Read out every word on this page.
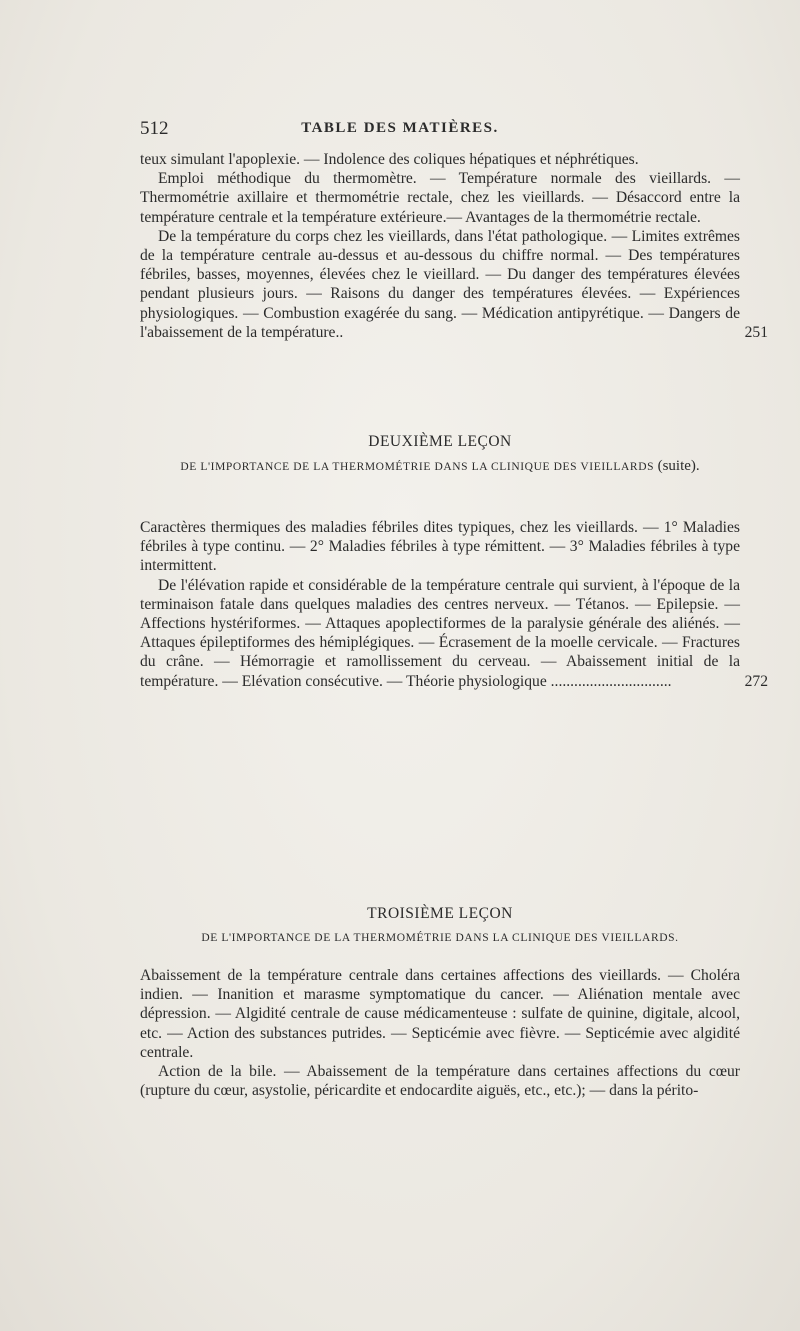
512	TABLE DES MATIÈRES.

teux simulant l'apoplexie. — Indolence des coliques hépatiques et néphrétiques.

Emploi méthodique du thermomètre. — Température normale des vieillards. — Thermométrie axillaire et thermométrie rectale, chez les vieillards. — Désaccord entre la température centrale et la température extérieure.— Avantages de la thermométrie rectale.

De la température du corps chez les vieillards, dans l'état pathologique. — Limites extrêmes de la température centrale au-dessus et au-dessous du chiffre normal. — Des températures fébriles, basses, moyennes, élevées chez le vieillard. — Du danger des températures élevées pendant plusieurs jours. — Raisons du danger des températures élevées. — Expériences physiologiques. — Combustion exagérée du sang. — Médication antipyrétique. — Dangers de l'abaissement de la température..	251

DEUXIÈME LEÇON

DE L'IMPORTANCE DE LA THERMOMÉTRIE DANS LA CLINIQUE DES VIEILLARDS (suite).

Caractères thermiques des maladies fébriles dites typiques, chez les vieillards. — 1° Maladies fébriles à type continu. — 2° Maladies fébriles à type rémittent. — 3° Maladies fébriles à type intermittent.

De l'élévation rapide et considérable de la température centrale qui survient, à l'époque de la terminaison fatale dans quelques maladies des centres nerveux. — Tétanos. — Epilepsie. — Affections hystériformes. — Attaques apoplectiformes de la paralysie générale des aliénés. — Attaques épileptiformes des hémiplégiques. — Écrasement de la moelle cervicale. — Fractures du crâne. — Hémorragie et ramollissement du cerveau. — Abaissement initial de la température. — Elévation consécutive. — Théorie physiologique ...............................	272

TROISIÈME LEÇON

DE L'IMPORTANCE DE LA THERMOMÉTRIE DANS LA CLINIQUE DES VIEILLARDS.

Abaissement de la température centrale dans certaines affections des vieillards. — Choléra indien. — Inanition et marasme symptomatique du cancer. — Aliénation mentale avec dépression. — Algidité centrale de cause médicamenteuse : sulfate de quinine, digitale, alcool, etc. — Action des substances putrides. — Septicémie avec fièvre. — Septicémie avec algidité centrale.

Action de la bile. — Abaissement de la température dans certaines affections du cœur (rupture du cœur, asystolie, péricardite et endocardite aiguës, etc., etc.); — dans la périto-
